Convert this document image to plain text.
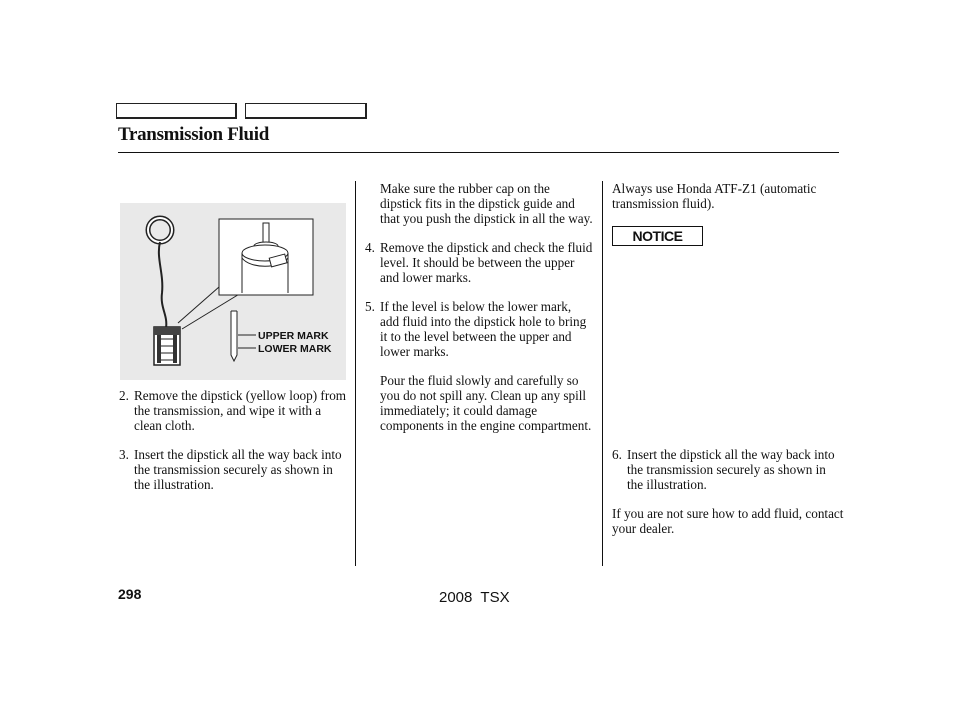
Transmission Fluid
UPPER MARK
LOWER MARK
2. Remove the dipstick (yellow loop) from the transmission, and wipe it with a clean cloth.

3. Insert the dipstick all the way back into the transmission securely as shown in the illustration.

Make sure the rubber cap on the dipstick fits in the dipstick guide and that you push the dipstick in all the way.

4. Remove the dipstick and check the fluid level. It should be between the upper and lower marks.

5. If the level is below the lower mark, add fluid into the dipstick hole to bring it to the level between the upper and lower marks.

Pour the fluid slowly and carefully so you do not spill any. Clean up any spill immediately; it could damage components in the engine compartment.

Always use Honda ATF-Z1 (automatic transmission fluid).

NOTICE
6. Insert the dipstick all the way back into the transmission securely as shown in the illustration.

If you are not sure how to add fluid, contact your dealer.

298	2008  TSX
